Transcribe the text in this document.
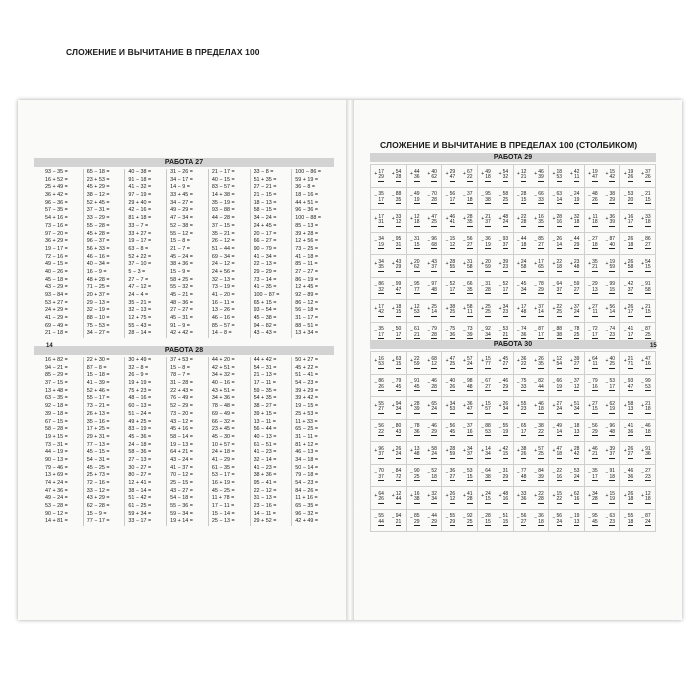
СЛОЖЕНИЕ И ВЫЧИТАНИЕ В ПРЕДЕЛАХ 100
СЛОЖЕНИЕ И ВЫЧИТАНИЕ В ПРЕДЕЛАХ 100 (СТОЛБИКОМ)
РАБОТА 27
93 − 35 =
16 + 52 =
25 + 49 =
36 + 42 =
96 − 36 =
57 − 35 =
54 + 16 =
73 − 16 =
97 − 20 =
36 + 29 =
19 − 17 =
72 − 16 =
49 − 15 =
40 − 26 =
45 − 18 =
43 − 29 =
93 − 84 =
53 + 27 =
24 + 29 =
41 − 29 =
69 − 49 =
21 − 18 =
65 − 18 =
23 + 53 =
45 + 29 =
38 − 12 =
52 + 45 =
37 − 31 =
33 − 29 =
55 − 28 =
45 + 28 =
96 − 37 =
56 + 33 =
46 − 16 =
40 − 34 =
16 − 9 =
48 + 28 =
71 − 25 =
20 + 37 =
29 − 13 =
32 − 19 =
88 − 10 =
75 − 53 =
34 − 27 =
40 − 38 =
91 − 18 =
41 − 32 =
97 − 19 =
29 + 40 =
42 − 16 =
81 + 18 =
33 − 7 =
33 + 27 =
19 − 17 =
63 − 8 =
52 + 22 =
37 − 10 =
5 − 3 =
27 − 7 =
47 − 12 =
24 − 4 =
35 − 21 =
32 − 13 =
12 + 75 =
55 − 43 =
28 − 14 =
31 − 26 =
34 − 17 =
14 − 9 =
33 + 45 =
34 − 27 =
49 − 29 =
47 − 34 =
52 − 38 =
55 − 12 =
15 − 8 =
21 − 7 =
45 − 24 =
38 + 36 =
15 − 9 =
58 + 25 =
55 − 32 =
45 − 21 =
48 − 36 =
27 − 27 =
45 − 31 =
91 − 9 =
42 + 42 =
21 − 17 =
40 − 15 =
83 − 57 =
14 + 38 =
35 − 19 =
93 − 88 =
44 − 28 =
37 − 15 =
35 − 21 =
26 − 12 =
51 − 44 =
69 − 34 =
24 − 12 =
24 + 56 =
32 − 13 =
73 − 19 =
41 − 20 =
16 − 11 =
13 − 26 =
46 − 16 =
85 − 57 =
14 − 8 =
33 − 8 =
51 + 35 =
27 − 21 =
21 − 15 =
18 − 13 =
58 − 15 =
34 − 24 =
24 + 45 =
20 − 17 =
66 − 27 =
90 − 79 =
41 − 34 =
22 − 13 =
29 − 29 =
73 − 14 =
41 − 35 =
100 − 87 =
65 + 15 =
93 − 54 =
45 − 38 =
94 − 82 =
43 − 43 =
100 − 86 =
59 + 19 =
36 − 8 =
18 − 16 =
44 + 51 =
96 − 36 =
100 − 88 =
85 − 13 =
39 + 28 =
12 + 56 =
73 − 25 =
41 − 18 =
85 − 11 =
27 − 27 =
86 − 19 =
12 + 45 =
92 − 89 =
86 − 12 =
56 − 18 =
31 − 17 =
88 − 51 =
13 + 34 =
РАБОТА 28
16 + 82 =
94 − 21 =
85 − 29 =
37 − 15 =
13 + 48 =
63 − 35 =
92 − 18 =
39 − 18 =
67 − 15 =
58 − 28 =
19 + 15 =
73 − 31 =
44 − 19 =
90 − 13 =
79 − 46 =
13 + 69 =
74 + 24 =
47 + 36 =
49 − 24 =
53 − 28 =
90 − 12 =
14 + 81 =
22 + 30 =
87 − 8 =
15 − 18 =
41 − 39 =
52 + 46 =
55 − 17 =
73 − 21 =
26 + 13 =
35 − 16 =
17 + 25 =
29 + 31 =
77 − 13 =
45 − 15 =
54 − 31 =
45 − 25 =
25 + 73 =
72 − 16 =
33 − 12 =
43 + 29 =
62 − 28 =
15 − 9 =
77 − 17 =
30 + 49 =
32 − 8 =
26 − 9 =
19 + 19 =
75 + 23 =
48 − 16 =
60 − 13 =
51 − 24 =
49 + 25 =
83 − 19 =
45 − 36 =
24 − 18 =
58 − 36 =
27 − 13 =
30 − 27 =
80 − 27 =
12 + 41 =
38 − 14 =
51 − 42 =
61 − 25 =
59 + 34 =
33 − 17 =
37 + 53 =
15 − 8 =
78 − 7 =
31 − 28 =
22 + 43 =
76 − 49 =
52 − 29 =
73 − 20 =
43 − 12 =
45 + 16 =
58 − 14 =
19 − 13 =
64 + 21 =
43 − 24 =
41 − 37 =
70 − 12 =
25 − 15 =
43 − 27 =
54 − 18 =
55 − 36 =
59 − 34 =
19 + 14 =
44 + 20 =
42 + 51 =
34 + 32 =
40 − 16 =
43 + 51 =
34 + 36 =
78 − 48 =
69 − 49 =
66 − 32 =
23 + 45 =
45 − 30 =
10 + 57 =
24 + 18 =
41 − 29 =
61 − 35 =
53 − 17 =
16 + 19 =
45 − 25 =
11 + 78 =
17 − 11 =
15 − 14 =
25 − 13 =
44 + 42 =
54 − 31 =
21 − 13 =
17 − 11 =
59 − 35 =
54 + 35 =
38 − 27 =
39 + 15 =
13 − 11 =
56 − 44 =
40 − 13 =
61 − 51 =
41 − 23 =
32 − 14 =
41 − 23 =
38 + 36 =
95 − 41 =
22 − 12 =
31 − 13 =
23 − 16 =
14 − 11 =
29 + 52 =
50 + 27 =
45 + 22 =
51 − 41 =
54 − 23 =
39 + 29 =
39 + 42 =
19 − 15 =
25 + 53 =
11 + 33 =
65 − 25 =
31 − 11 =
81 + 12 =
46 − 13 =
34 − 18 =
50 − 14 =
79 − 18 =
54 − 23 =
84 − 26 =
11 + 16 =
65 − 35 =
96 − 32 =
42 + 49 =
РАБОТА 29
+ 17
29
+ 54
28
+ 44
36
+ 40
62
+ 29
47
+ 67
22
+ 49
18
+ 54
32
+ 12
21
+ 46
39
+ 18
53
+ 42
11
+ 19
47
+ 15
42
+ 19
26
+ 37
26
− 35
17
− 88
35
− 49
19
− 70
28
− 56
17
− 37
18
− 95
38
− 58
25
− 28
15
− 66
33
− 63
14
− 24
19
− 48
26
− 38
29
− 53
20
− 21
15
+ 17
31
+ 33
12
+ 12
18
+ 47
25
+ 46
41
+ 28
35
+ 21
37
+ 48
24
+ 22
28
+ 16
35
+ 28
16
+ 32
18
+ 11
18
+ 36
39
+ 16
17
+ 33
18
− 34
19
− 95
31
− 31
15
− 96
68
− 15
12
− 56
27
− 36
19
− 93
37
− 44
18
− 85
27
− 26
14
− 44
29
− 27
18
− 87
40
− 26
18
− 86
27
+ 34
35
+ 43
29
+ 20
62
+ 43
37
+ 28
55
+ 31
58
+ 20
59
+ 39
23
+ 24
58
+ 17
65
+ 22
18
+ 23
48
+ 35
21
+ 19
59
+ 26
58
+ 54
15
− 86
32
− 99
47
− 95
77
− 97
48
− 52
17
− 66
35
− 31
28
− 52
17
− 45
34
− 78
29
− 64
37
− 59
27
− 29
13
− 99
15
− 42
37
− 91
58
+ 17
42
+ 18
15
+ 12
53
+ 25
14
+ 38
25
+ 58
11
+ 25
25
+ 34
23
+ 17
48
+ 37
14
+ 22
25
+ 37
24
+ 27
11
+ 56
14
+ 26
17
+ 21
15
− 35
17
− 50
17
− 61
21
− 79
28
− 75
36
− 73
39
− 92
34
− 53
21
− 74
36
− 87
17
− 88
38
− 78
25
− 72
17
− 74
23
− 41
17
− 87
25
РАБОТА 30
+ 16
53
+ 63
15
+ 22
59
+ 68
12
+ 47
25
+ 57
24
+ 15
77
+ 45
27
+ 36
22
+ 26
35
+ 12
54
+ 39
27
+ 64
11
+ 40
25
+ 21
71
+ 47
16
− 86
26
− 79
45
− 91
45
− 46
28
− 40
26
− 98
48
− 67
27
− 46
29
− 75
33
− 82
44
− 66
19
− 37
12
− 79
16
− 53
17
− 93
47
− 99
53
+ 55
27
+ 94
34
+ 28
39
+ 65
24
+ 34
53
+ 36
47
+ 15
57
+ 26
34
+ 55
23
+ 46
18
+ 27
24
+ 51
34
+ 27
15
+ 62
19
+ 58
13
+ 21
18
− 56
22
− 80
43
− 78
36
− 46
29
− 56
45
− 37
16
− 88
53
− 55
19
− 65
17
− 38
22
− 49
14
− 18
13
− 56
29
− 96
48
− 41
36
− 46
18
+ 96
37
+ 26
24
+ 13
48
+ 58
24
+ 28
59
+ 34
37
+ 14
34
+ 42
15
+ 38
26
+ 57
25
+ 47
18
+ 28
42
+ 46
21
+ 39
37
+ 26
27
+ 91
36
− 70
37
− 84
72
− 90
25
− 52
18
− 36
27
− 53
15
− 64
38
− 31
29
− 77
48
− 84
39
− 22
16
− 53
24
− 35
17
− 91
18
− 46
36
− 27
23
+ 64
26
+ 12
44
+ 16
38
+ 32
34
+ 26
12
+ 41
28
+ 24
15
+ 48
16
+ 33
36
+ 22
28
+ 15
22
+ 62
16
+ 34
28
+ 15
19
+ 26
18
+ 12
18
− 55
44
− 94
21
− 85
29
− 44
29
− 55
29
− 92
25
− 28
15
− 51
15
− 56
27
− 36
18
− 56
24
− 19
13
− 95
45
− 63
23
− 55
18
− 87
24
14	15
